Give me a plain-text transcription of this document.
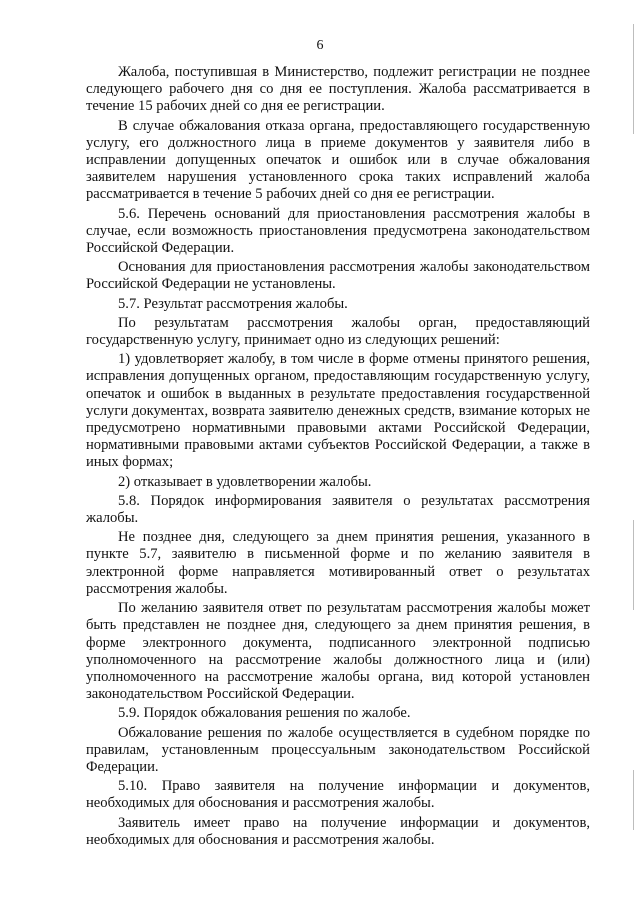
6

Жалоба, поступившая в Министерство, подлежит регистрации не позднее следующего рабочего дня со дня ее поступления. Жалоба рассматривается в течение 15 рабочих дней со дня ее регистрации.

В случае обжалования отказа органа, предоставляющего государственную услугу, его должностного лица в приеме документов у заявителя либо в исправлении допущенных опечаток и ошибок или в случае обжалования заявителем нарушения установленного срока таких исправлений жалоба рассматривается в течение 5 рабочих дней со дня ее регистрации.

5.6. Перечень оснований для приостановления рассмотрения жалобы в случае, если возможность приостановления предусмотрена законодательством Российской Федерации.

Основания для приостановления рассмотрения жалобы законодательством Российской Федерации не установлены.

5.7. Результат рассмотрения жалобы.

По результатам рассмотрения жалобы орган, предоставляющий государственную услугу, принимает одно из следующих решений:

1) удовлетворяет жалобу, в том числе в форме отмены принятого решения, исправления допущенных органом, предоставляющим государственную услугу, опечаток и ошибок в выданных в результате предоставления государственной услуги документах, возврата заявителю денежных средств, взимание которых не предусмотрено нормативными правовыми актами Российской Федерации, нормативными правовыми актами субъектов Российской Федерации, а также в иных формах;

2) отказывает в удовлетворении жалобы.

5.8. Порядок информирования заявителя о результатах рассмотрения жалобы.

Не позднее дня, следующего за днем принятия решения, указанного в пункте 5.7, заявителю в письменной форме и по желанию заявителя в электронной форме направляется мотивированный ответ о результатах рассмотрения жалобы.

По желанию заявителя ответ по результатам рассмотрения жалобы может быть представлен не позднее дня, следующего за днем принятия решения, в форме электронного документа, подписанного электронной подписью уполномоченного на рассмотрение жалобы должностного лица и (или) уполномоченного на рассмотрение жалобы органа, вид которой установлен законодательством Российской Федерации.

5.9. Порядок обжалования решения по жалобе.

Обжалование решения по жалобе осуществляется в судебном порядке по правилам, установленным процессуальным законодательством Российской Федерации.

5.10. Право заявителя на получение информации и документов, необходимых для обоснования и рассмотрения жалобы.

Заявитель имеет право на получение информации и документов, необходимых для обоснования и рассмотрения жалобы.
